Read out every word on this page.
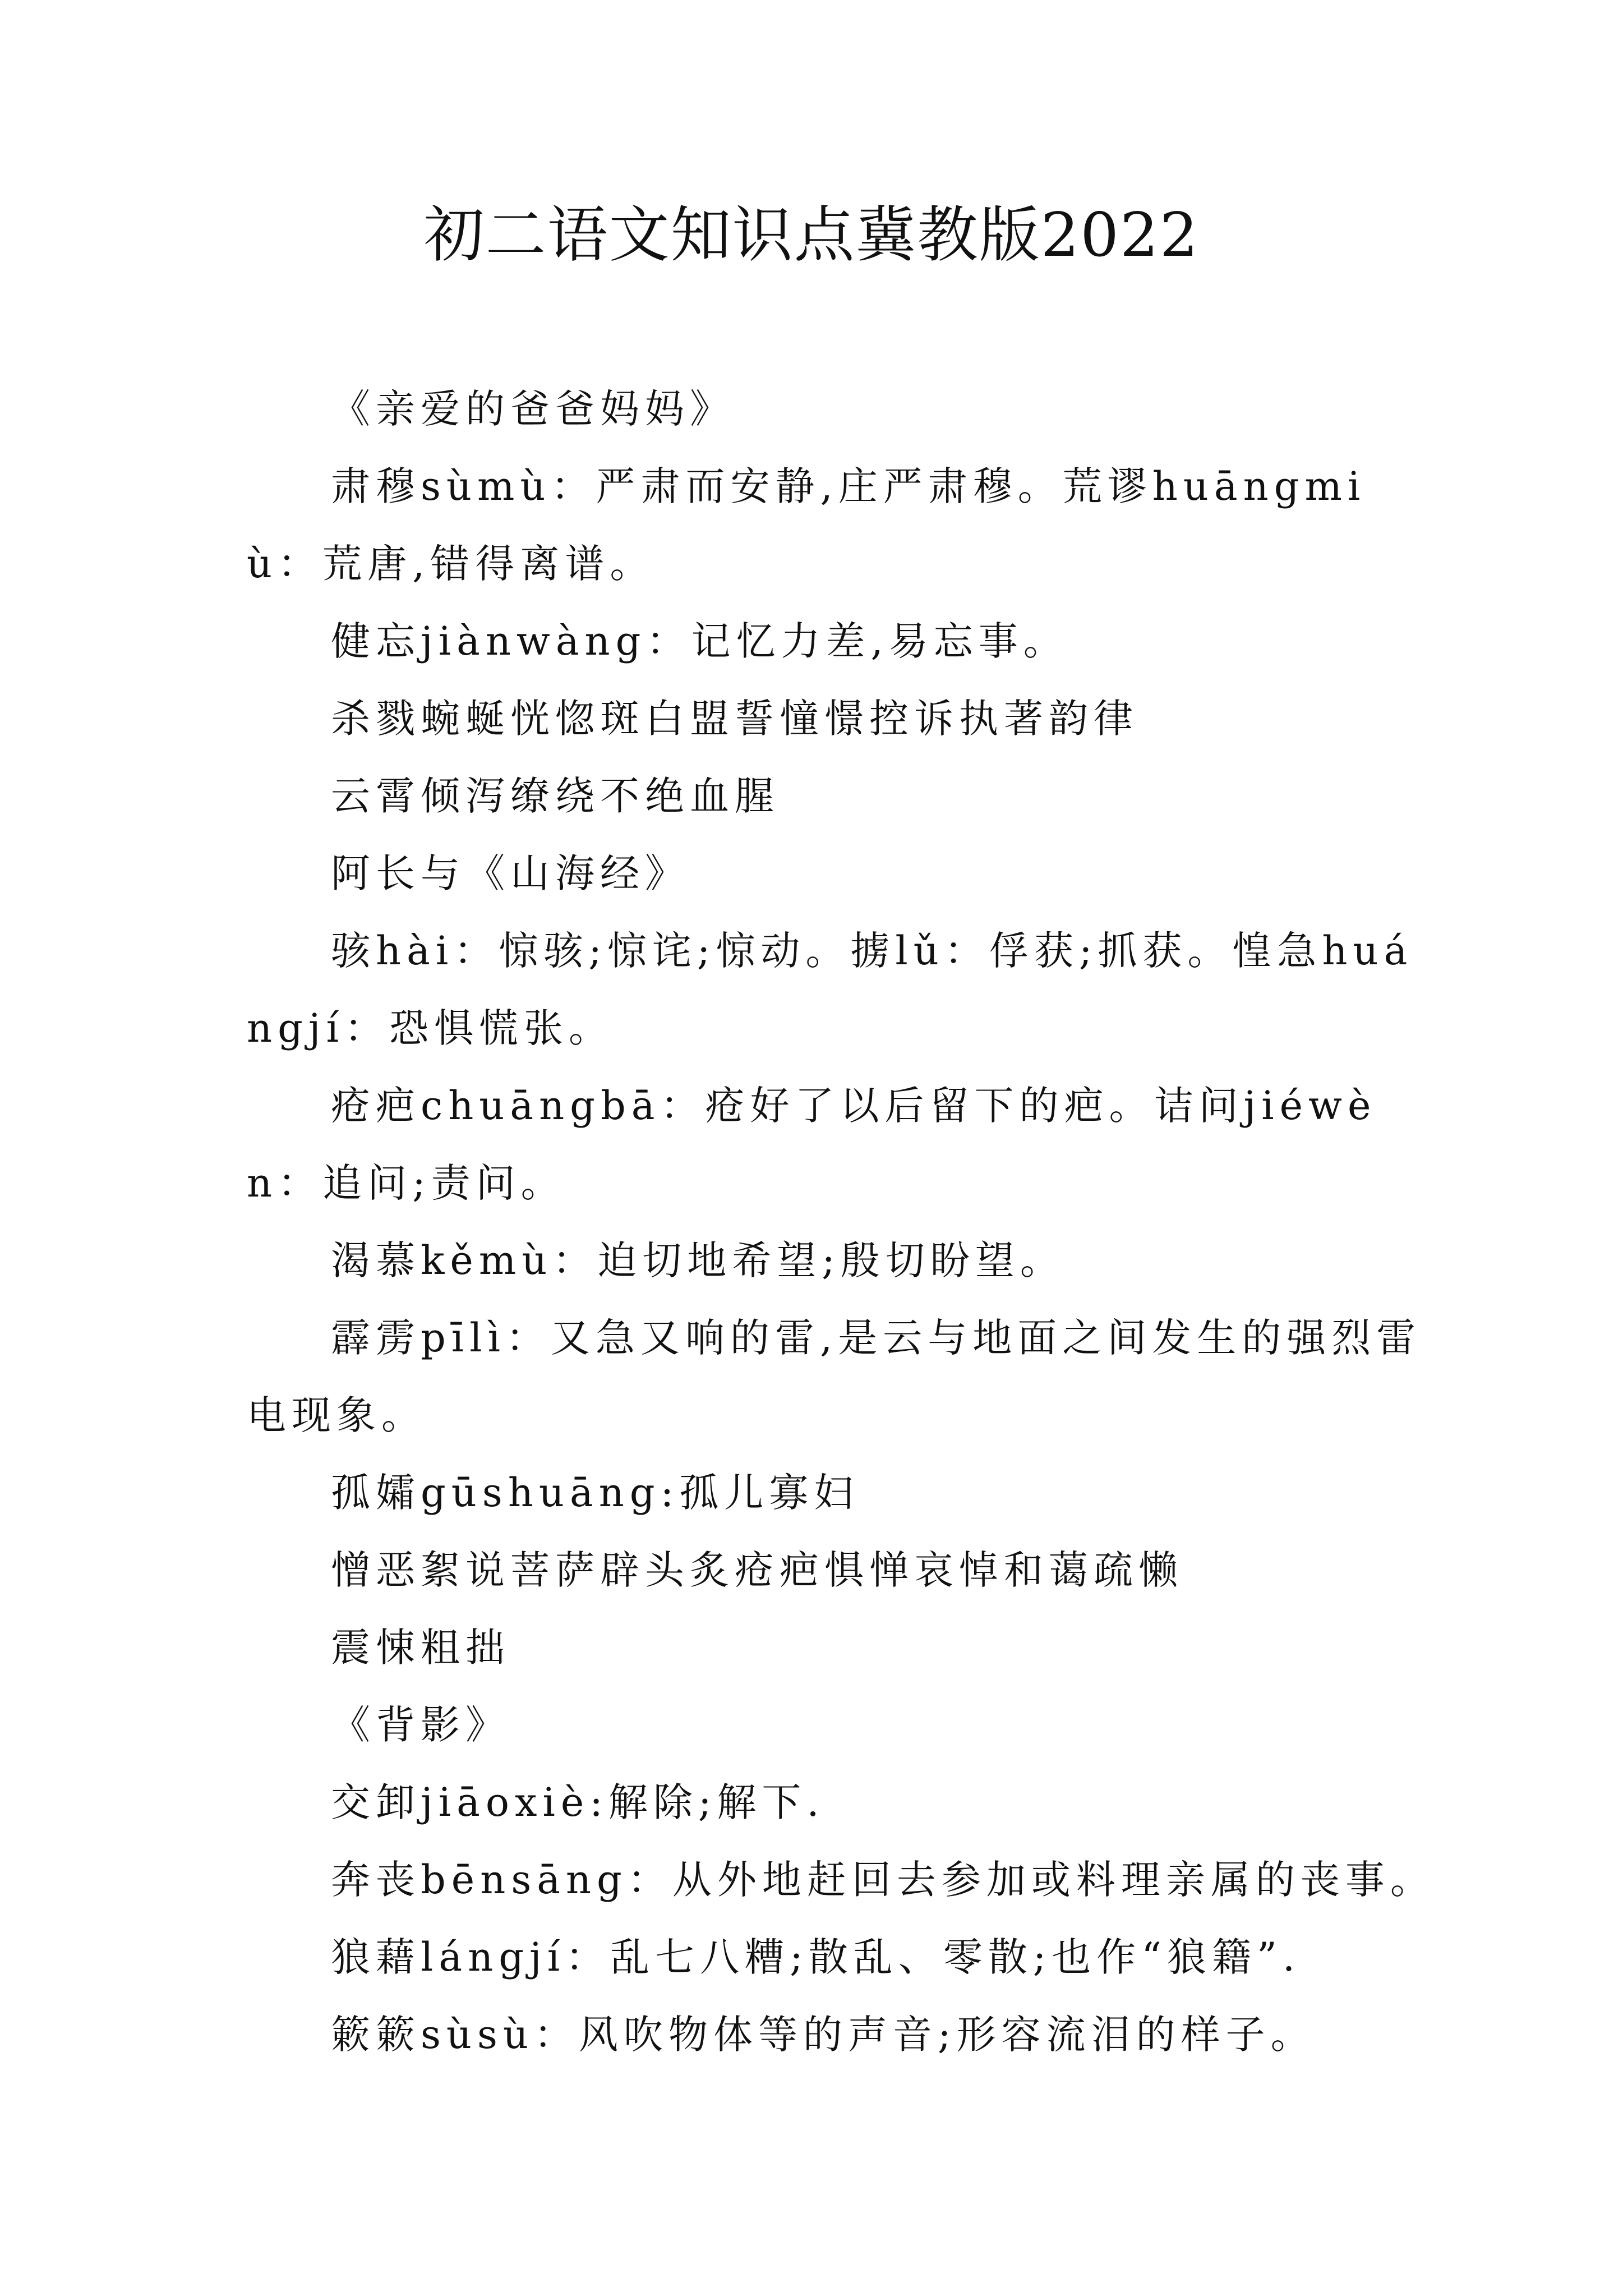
初二语文知识点冀教版2022

《亲爱的爸爸妈妈》

肃穆sùmù：严肃而安静,庄严肃穆。荒谬huāngmiù：荒唐,错得离谱。

健忘jiànwàng：记忆力差,易忘事。

杀戮蜿蜒恍惚斑白盟誓憧憬控诉执著韵律

云霄倾泻缭绕不绝血腥

阿长与《山海经》

骇hài：惊骇;惊诧;惊动。掳lǔ：俘获;抓获。惶急huángjí：恐惧慌张。

疮疤chuāngbā：疮好了以后留下的疤。诘问jiéwèn：追问;责问。

渴慕kěmù：迫切地希望;殷切盼望。

霹雳pīlì：又急又响的雷,是云与地面之间发生的强烈雷电现象。

孤孀gūshuāng:孤儿寡妇

憎恶絮说菩萨辟头炙疮疤惧惮哀悼和蔼疏懒

震悚粗拙

《背影》

交卸jiāoxiè:解除;解下.

奔丧bēnsāng：从外地赶回去参加或料理亲属的丧事。

狼藉lángjí：乱七八糟;散乱、零散;也作“狼籍”.

簌簌sùsù：风吹物体等的声音;形容流泪的样子。
